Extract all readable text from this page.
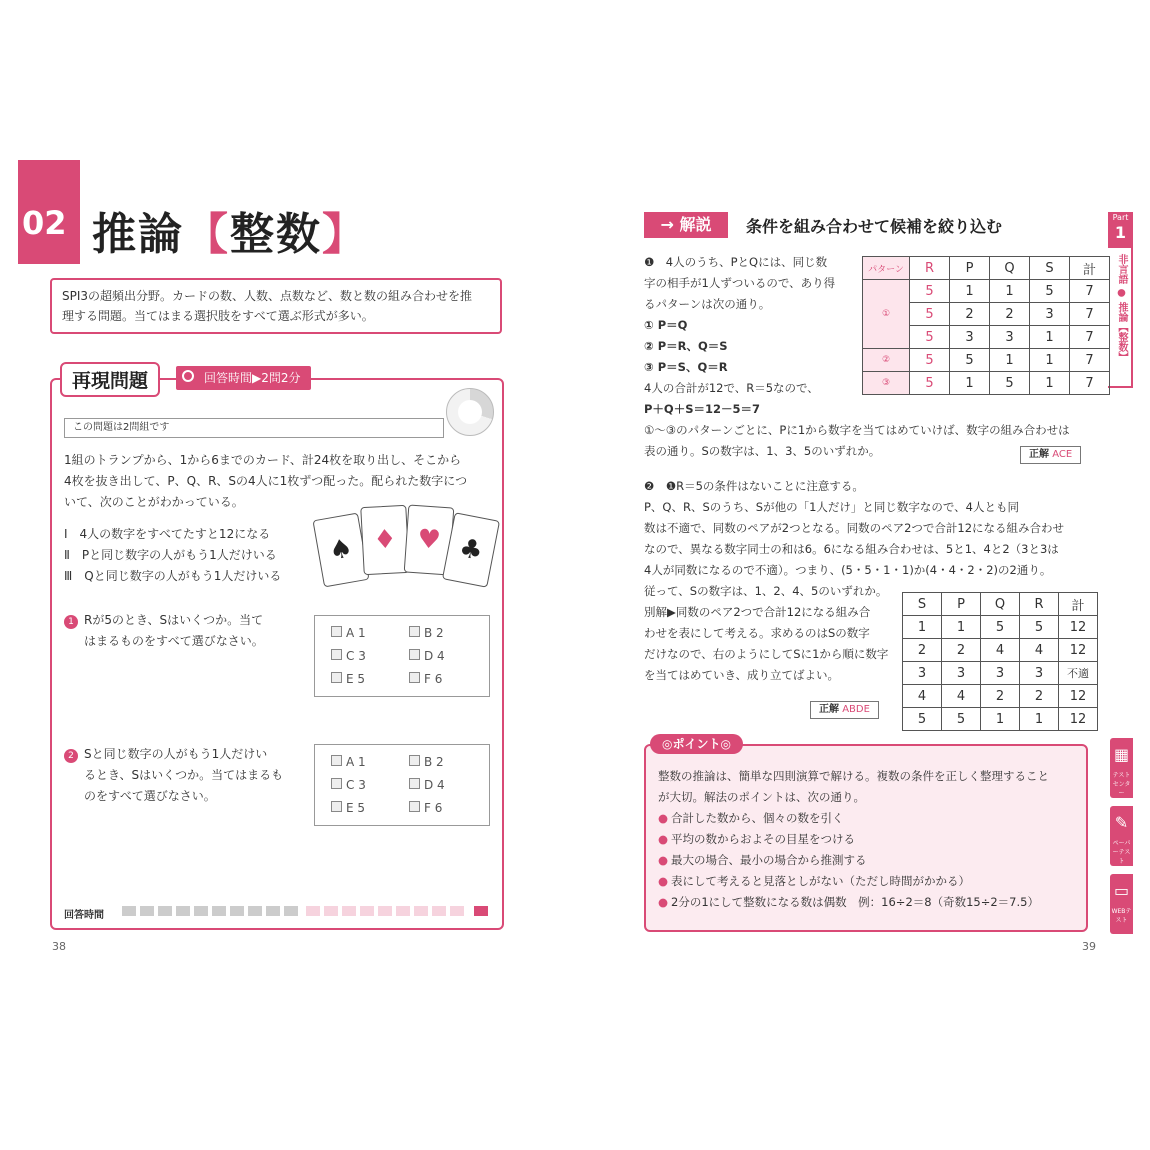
02 推論【整数】
SPI3の超頻出分野。カードの数、人数、点数など、数と数の組み合わせを推
理する問題。当てはまる選択肢をすべて選ぶ形式が多い。
再現問題	回答時間▶2問2分
この問題は2問組です
1組のトランプから、1から6までのカード、計24枚を取り出し、そこから
4枚を抜き出して、P、Q、R、Sの4人に1枚ずつ配った。配られた数字につ
いて、次のことがわかっている。
Ⅰ　4人の数字をすべてたすと12になる
Ⅱ　Pと同じ数字の人がもう1人だけいる
Ⅲ　Qと同じ数字の人がもう1人だけいる
♠ ♦ ♥ ♣
1 Rが5のとき、Sはいくつか。当て
はまるものをすべて選びなさい。
A 1	B 2
C 3	D 4
E 5	F 6
2 Sと同じ数字の人がもう1人だけい
るとき、Sはいくつか。当てはまるも
のをすべて選びなさい。
A 1	B 2
C 3	D 4
E 5	F 6
回答時間
38
→ 解説	条件を組み合わせて候補を絞り込む	Part
1
非言語 ● 推論【整数】
❶　4人のうち、PとQには、同じ数
字の相手が1人ずついるので、あり得
るパターンは次の通り。
① P＝Q
② P＝R、Q＝S
③ P＝S、Q＝R
4人の合計が12で、R＝5なので、
P＋Q＋S＝12－5＝7
①～③のパターンごとに、Pに1から数字を当てはめていけば、数字の組み合わせは
表の通り。Sの数字は、1、3、5のいずれか。
パターン	R	P	Q	S	計
①	5	1	1	5	7
	5	2	2	3	7
	5	3	3	1	7
②	5	5	1	1	7
③	5	1	5	1	7
正解 ACE
❷　❶R＝5の条件はないことに注意する。
P、Q、R、Sのうち、Sが他の「1人だけ」と同じ数字なので、4人とも同
数は不適で、同数のペアが2つとなる。同数のペア2つで合計12になる組み合わせ
なので、異なる数字同士の和は6。6になる組み合わせは、5と1、4と2（3と3は
4人が同数になるので不適）。つまり、(5・5・1・1)か(4・4・2・2)の2通り。
従って、Sの数字は、1、2、4、5のいずれか。
別解▶同数のペア2つで合計12になる組み合
わせを表にして考える。求めるのはSの数字
だけなので、右のようにしてSに1から順に数字
を当てはめていき、成り立てばよい。
S	P	Q	R	計
1	1	5	5	12
2	2	4	4	12
3	3	3	3	不適
4	4	2	2	12
5	5	1	1	12
正解 ABDE
◎ポイント◎
整数の推論は、簡単な四則演算で解ける。複数の条件を正しく整理すること
が大切。解法のポイントは、次の通り。
● 合計した数から、個々の数を引く
● 平均の数からおよその目星をつける
● 最大の場合、最小の場合から推測する
● 表にして考えると見落としがない（ただし時間がかかる）
● 2分の1にして整数になる数は偶数　例：16÷2＝8（奇数15÷2＝7.5）
▦
テストセンター
✎
ペーパーテスト
▭
WEBテスト
39
